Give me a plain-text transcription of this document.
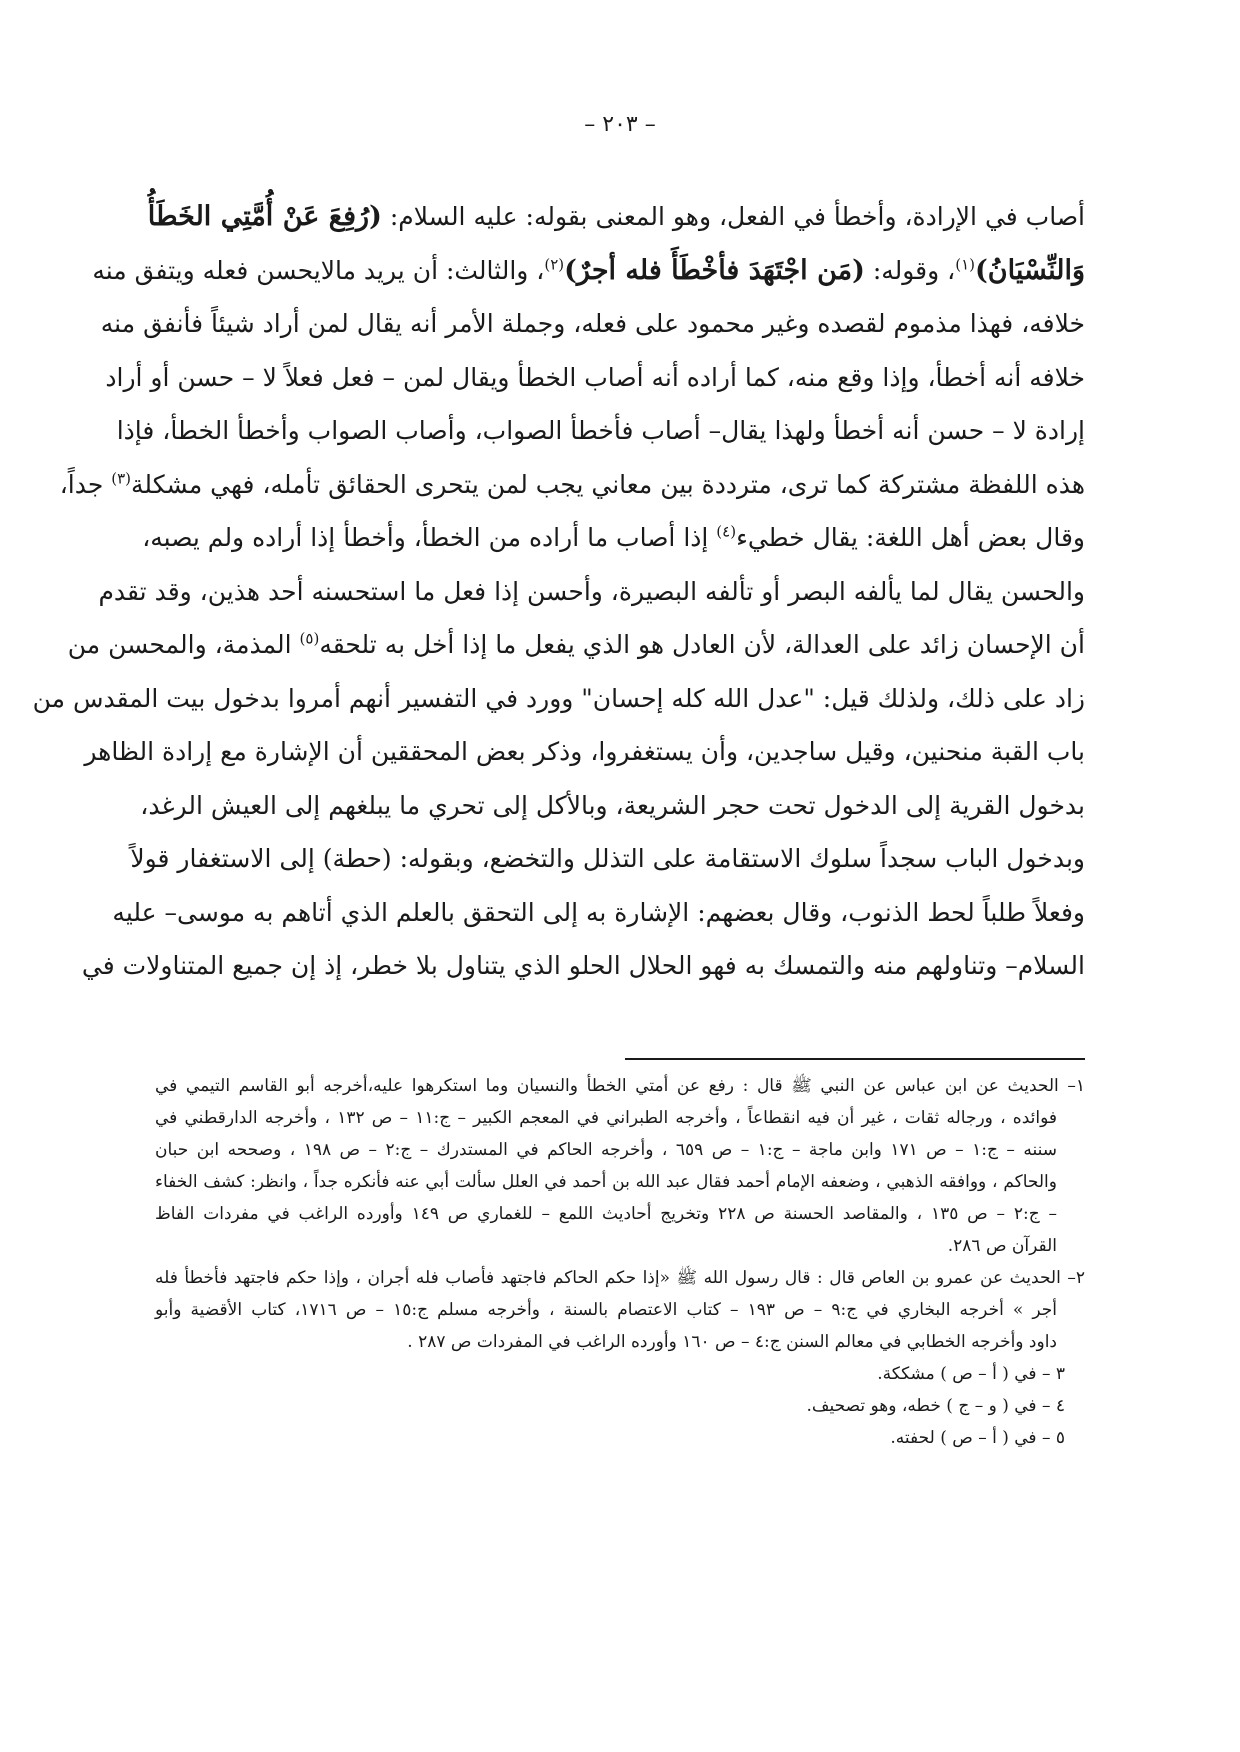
– ٢٠٣ –
أصاب في الإرادة، وأخطأ في الفعل، وهو المعنى بقوله: عليه السلام: (رُفِعَ عَنْ أُمَّتِي الخَطَأُ
وَالنِّسْيَانُ)$^{(١)}$، وقوله: (مَن اجْتَهَدَ فأخْطَأَ فله أجرٌ)$^{(٢)}$، والثالث: أن يريد مالايحسن فعله ويتفق منه
خلافه، فهذا مذموم لقصده وغير محمود على فعله، وجملة الأمر أنه يقال لمن أراد شيئاً فأنفق منه
خلافه أنه أخطأ، وإذا وقع منه، كما أراده أنه أصاب الخطأ ويقال لمن – فعل فعلاً لا – حسن أو أراد
إرادة لا – حسن أنه أخطأ ولهذا يقال– أصاب فأخطأ الصواب، وأصاب الصواب وأخطأ الخطأ، فإذا
هذه اللفظة مشتركة كما ترى، مترددة بين معاني يجب لمن يتحرى الحقائق تأمله، فهي مشكلة$^{(٣)}$ جداً،
وقال بعض أهل اللغة: يقال خطيء$^{(٤)}$ إذا أصاب ما أراده من الخطأ، وأخطأ إذا أراده ولم يصبه،
والحسن يقال لما يألفه البصر أو تألفه البصيرة، وأحسن إذا فعل ما استحسنه أحد هذين، وقد تقدم
أن الإحسان زائد على العدالة، لأن العادل هو الذي يفعل ما إذا أخل به تلحقه$^{(٥)}$ المذمة، والمحسن من
زاد على ذلك، ولذلك قيل: "عدل الله كله إحسان" وورد في التفسير أنهم أمروا بدخول بيت المقدس من
باب القبة منحنين، وقيل ساجدين، وأن يستغفروا، وذكر بعض المحققين أن الإشارة مع إرادة الظاهر
بدخول القرية إلى الدخول تحت حجر الشريعة، وبالأكل إلى تحري ما يبلغهم إلى العيش الرغد،
وبدخول الباب سجداً سلوك الاستقامة على التذلل والتخضع، وبقوله: (حطة) إلى الاستغفار قولاً
وفعلاً طلباً لحط الذنوب، وقال بعضهم: الإشارة به إلى التحقق بالعلم الذي أتاهم به موسى– عليه
السلام– وتناولهم منه والتمسك به فهو الحلال الحلو الذي يتناول بلا خطر، إذ إن جميع المتناولات في
١– الحديث عن ابن عباس عن النبي ﷺ قال : رفع عن أمتي الخطأ والنسيان وما استكرهوا عليه،أخرجه أبو القاسم التيمي في
فوائده ، ورجاله ثقات ، غير أن فيه انقطاعاً ، وأخرجه الطبراني في المعجم الكبير – ج:١١ – ص ١٣٢ ، وأخرجه الدارقطني في
سننه – ج:١ – ص ١٧١ وابن ماجة – ج:١ – ص ٦٥٩ ، وأخرجه الحاكم في المستدرك – ج:٢ – ص ١٩٨ ، وصححه ابن حبان
والحاكم ، ووافقه الذهبي ، وضعفه الإمام أحمد فقال عبد الله بن أحمد في العلل سألت أبي عنه فأنكره جداً ، وانظر: كشف الخفاء
– ج:٢ – ص ١٣٥ ، والمقاصد الحسنة ص ٢٢٨ وتخريج أحاديث اللمع – للغماري ص ١٤٩ وأورده الراغب في مفردات الفاظ
القرآن ص ٢٨٦.
٢– الحديث عن عمرو بن العاص قال : قال رسول الله ﷺ «إذا حكم الحاكم فاجتهد فأصاب فله أجران ، وإذا حكم فاجتهد فأخطأ فله
أجر » أخرجه البخاري في ج:٩ – ص ١٩٣ – كتاب الاعتصام بالسنة ، وأخرجه مسلم ج:١٥ – ص ١٧١٦، كتاب الأقضية وأبو
داود وأخرجه الخطابي في معالم السنن ج:٤ – ص ١٦٠ وأورده الراغب في المفردات ص ٢٨٧ .
٣ – في ( أ – ص ) مشككة.
٤ – في ( و – ج ) خطه، وهو تصحيف.
٥ – في ( أ – ص ) لحفته.
